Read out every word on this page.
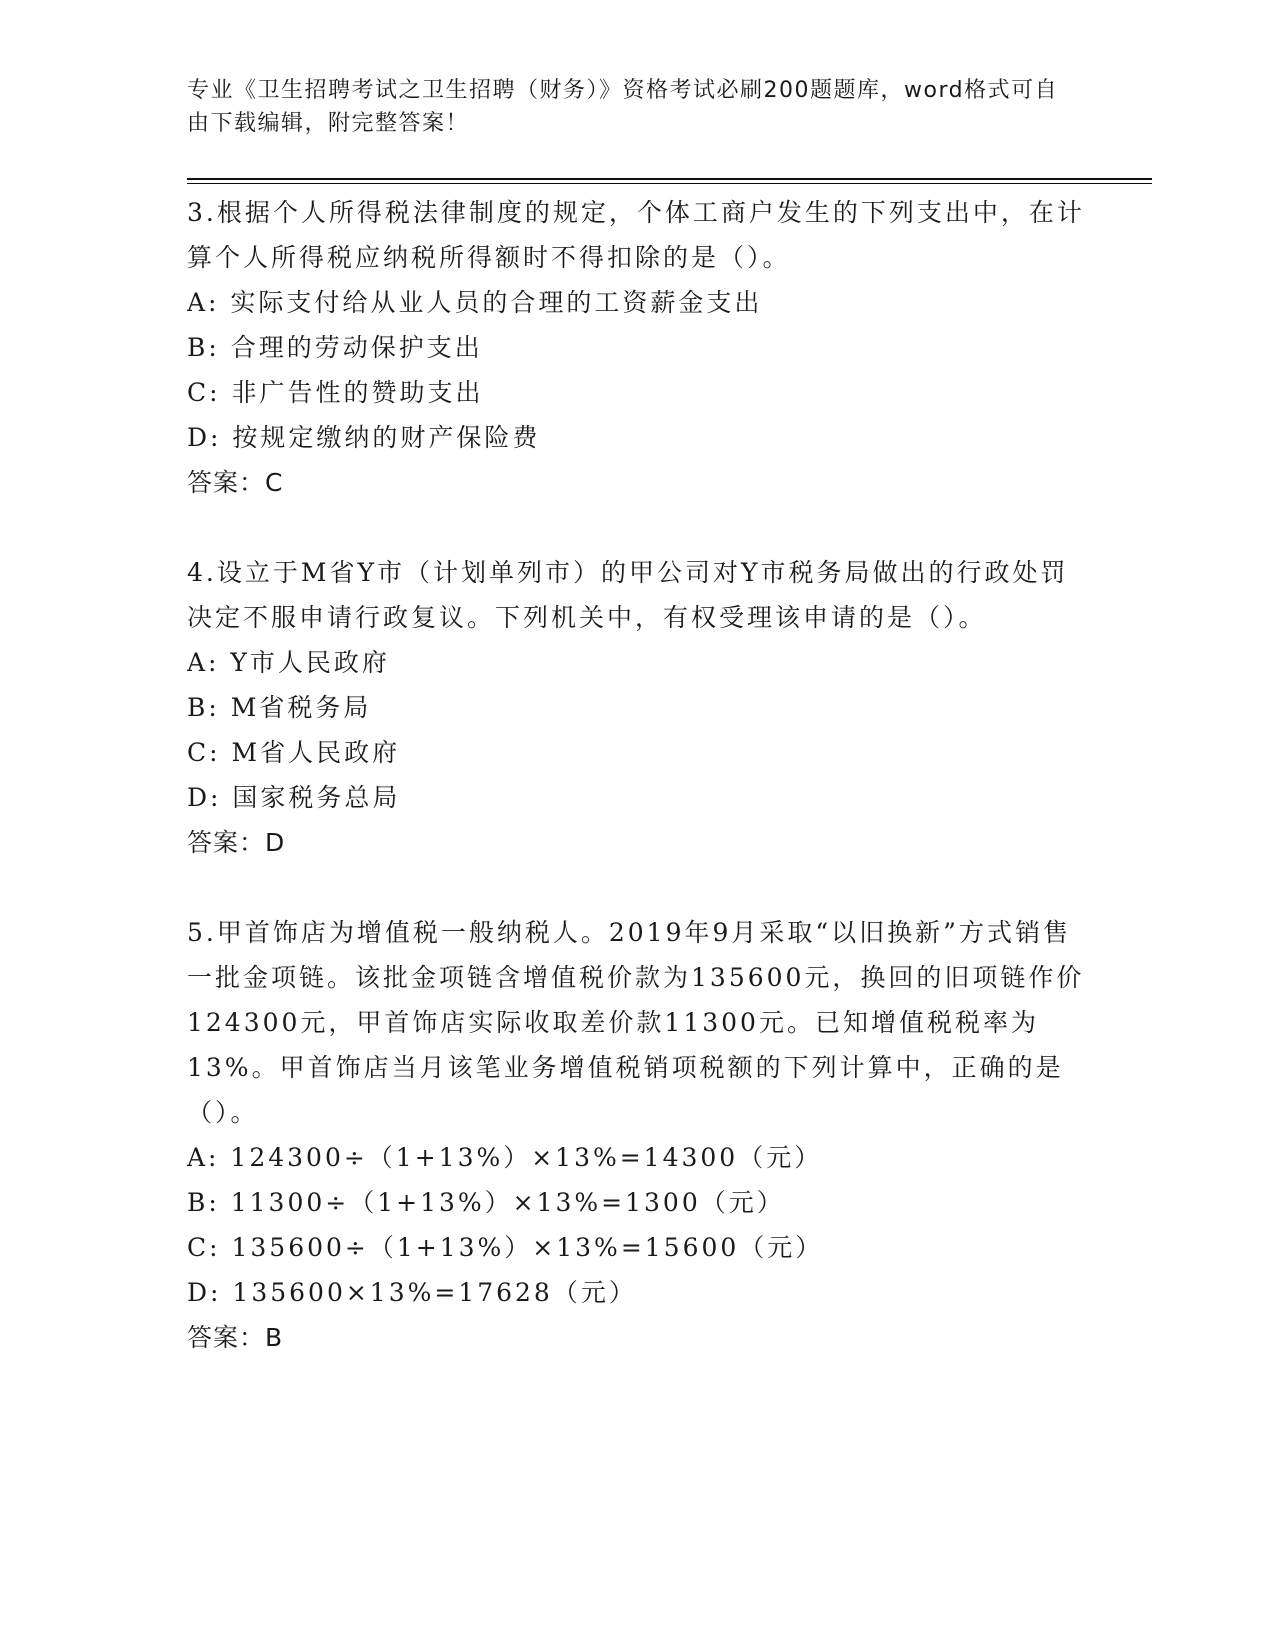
专业《卫生招聘考试之卫生招聘（财务）》资格考试必刷200题题库，word格式可自由下载编辑，附完整答案！

3.根据个人所得税法律制度的规定，个体工商户发生的下列支出中，在计算个人所得税应纳税所得额时不得扣除的是（）。

A: 实际支付给从业人员的合理的工资薪金支出

B: 合理的劳动保护支出

C: 非广告性的赞助支出

D: 按规定缴纳的财产保险费

答案：C

4.设立于M省Y市（计划单列市）的甲公司对Y市税务局做出的行政处罚决定不服申请行政复议。下列机关中，有权受理该申请的是（）。

A: Y市人民政府

B: M省税务局

C: M省人民政府

D: 国家税务总局

答案：D

5.甲首饰店为增值税一般纳税人。2019年9月采取“以旧换新”方式销售一批金项链。该批金项链含增值税价款为135600元，换回的旧项链作价124300元，甲首饰店实际收取差价款11300元。已知增值税税率为13%。甲首饰店当月该笔业务增值税销项税额的下列计算中，正确的是（）。

A: 124300÷（1+13%）×13%=14300（元）

B: 11300÷（1+13%）×13%=1300（元）

C: 135600÷（1+13%）×13%=15600（元）

D: 135600×13%=17628（元）

答案：B
